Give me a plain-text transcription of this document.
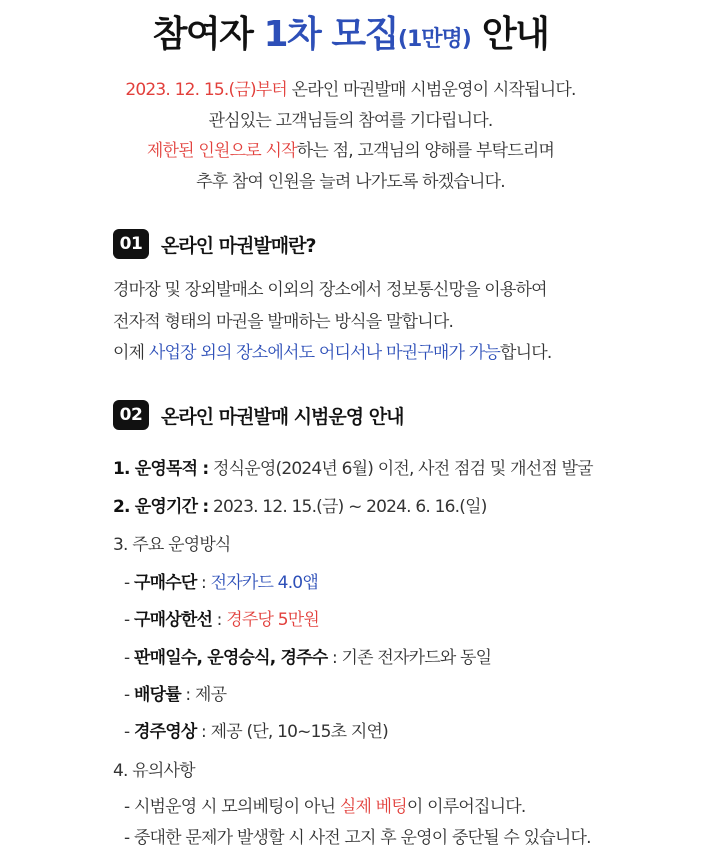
참여자 1차 모집(1만명) 안내
2023. 12. 15.(금)부터 온라인 마권발매 시범운영이 시작됩니다.
관심있는 고객님들의 참여를 기다립니다.
제한된 인원으로 시작하는 점, 고객님의 양해를 부탁드리며
추후 참여 인원을 늘려 나가도록 하겠습니다.
01 온라인 마권발매란?
경마장 및 장외발매소 이외의 장소에서 정보통신망을 이용하여
전자적 형태의 마권을 발매하는 방식을 말합니다.
이제 사업장 외의 장소에서도 어디서나 마권구매가 가능합니다.
02 온라인 마권발매 시범운영 안내
1. 운영목적 : 정식운영(2024년 6월) 이전, 사전 점검 및 개선점 발굴
2. 운영기간 : 2023. 12. 15.(금) ~ 2024. 6. 16.(일)
3. 주요 운영방식
- 구매수단 : 전자카드 4.0앱
- 구매상한선 : 경주당 5만원
- 판매일수, 운영승식, 경주수 : 기존 전자카드와 동일
- 배당률 : 제공
- 경주영상 : 제공 (단, 10~15초 지연)
4. 유의사항
- 시범운영 시 모의베팅이 아닌 실제 베팅이 이루어집니다.
- 중대한 문제가 발생할 시 사전 고지 후 운영이 중단될 수 있습니다.
